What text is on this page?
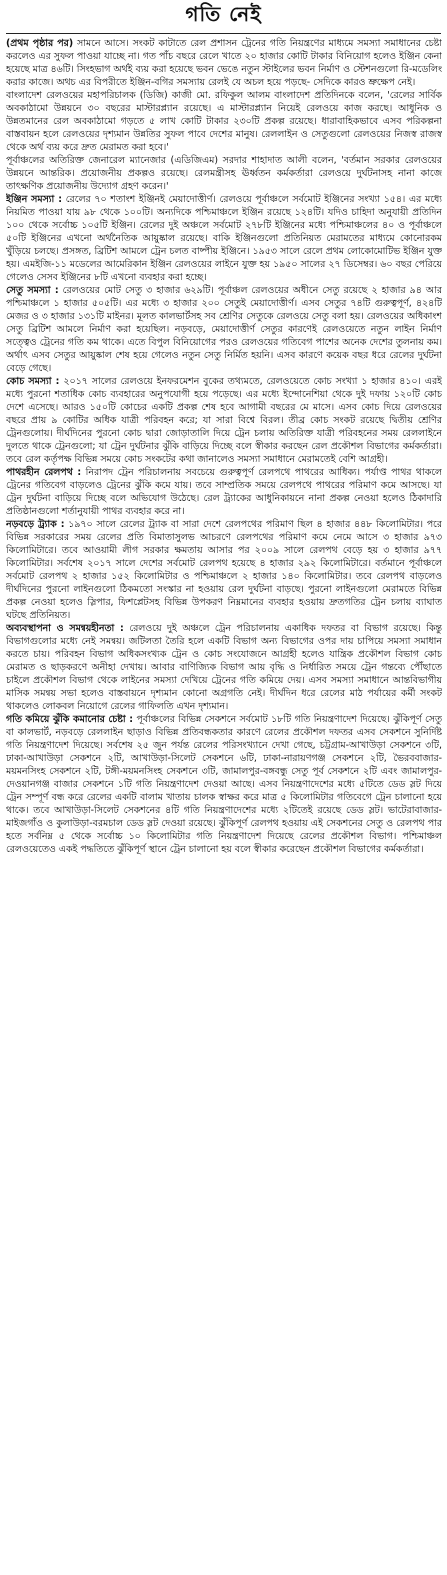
গতি নেই

(প্রথম পৃষ্ঠার পর) সামনে আসে। সংকট কাটাতে রেল প্রশাসন ট্রেনের গতি নিয়ন্ত্রণের মাধ্যমে সমস্যা সমাধানের চেষ্টা করলেও এর সুফল পাওয়া যাচ্ছে না। গত পাঁচ বছরে রেলে খাতে ২০ হাজার কোটি টাকার বিনিয়োগ হলেও ইঞ্জিন কেনা হয়েছে মাত্র ৪৬টি। সিংহভাগ অর্থই ব্যয় করা হয়েছে ভবন ভেঙে নতুন স্টাইলের ভবন নির্মাণ ও স্টেশনগুলো রি-মডেলিং করার কাজে। অথচ এর বিপরীতে ইঞ্জিন-বগির সমস্যায় রেলই যে অচল হয়ে পড়ছে- সেদিকে কারও ভ্রুক্ষেপ নেই।

বাংলাদেশ রেলওয়ের মহাপরিচালক (ডিজি) কাজী মো. রফিকুল আলম বাংলাদেশ প্রতিদিনকে বলেন, 'রেলের সার্বিক অবকাঠামো উন্নয়নে ৩০ বছরের মাস্টারপ্ল্যান রয়েছে। এ মাস্টারপ্ল্যান নিয়েই রেলওয়ে কাজ করছে। আধুনিক ও উন্নতমানের রেল অবকাঠামো গড়তে ৫ লাখ কোটি টাকার ২৩০টি প্রকল্প রয়েছে। ধারাবাহিকভাবে এসব পরিকল্পনা বাস্তবায়ন হলে রেলওয়ের দৃশ্যমান উন্নতির সুফল পাবে দেশের মানুষ। রেললাইন ও সেতুগুলো রেলওয়ের নিজস্ব রাজস্ব থেকে অর্থ ব্যয় করে দ্রুত মেরামত করা হবে।'

পূর্বাঞ্চলের অতিরিক্ত জেনারেল ম্যানেজার (এডিজিএম) সরদার শাহাদাত আলী বলেন, 'বর্তমান সরকার রেলওয়ের উন্নয়নে আন্তরিক। প্রয়োজনীয় প্রকল্পও রয়েছে। রেলমন্ত্রীসহ ঊর্ধ্বতন কর্মকর্তারা রেলওয়ে দুর্ঘটনাসহ নানা কাজে তাৎক্ষণিক প্রয়োজনীয় উদ্যোগ গ্রহণ করেন।'

ইঞ্জিন সমস্যা : রেলের ৭০ শতাংশ ইঞ্জিনই মেয়াদোত্তীর্ণ। রেলওয়ে পূর্বাঞ্চলে সর্বমোট ইঞ্জিনের সংখ্যা ১৫৪। এর মধ্যে নিয়মিত পাওয়া যায় ৯৮ থেকে ১০০টি। অন্যদিকে পশ্চিমাঞ্চলে ইঞ্জিন রয়েছে ১২৪টি। যদিও চাহিদা অনুযায়ী প্রতিদিন ১০০ থেকে সর্বোচ্চ ১০৫টি ইঞ্জিন। রেলের দুই অঞ্চলে সর্বমোট ২৭৮টি ইঞ্জিনের মধ্যে পশ্চিমাঞ্চলের ৪০ ও পূর্বাঞ্চলে ৫০টি ইঞ্জিনের এখনো অর্থনৈতিক আয়ুষ্কাল রয়েছে। বাকি ইঞ্জিনগুলো প্রতিনিয়ত মেরামতের মাধ্যমে কোনোরকম খুঁড়িয়ে চলছে। প্রসঙ্গত, ব্রিটিশ আমলে ট্রেন চলত বাষ্পীয় ইঞ্জিনে। ১৯৫৩ সালে রেলে প্রথম লোকোমোটিভ ইঞ্জিন যুক্ত হয়। এমইজি-১১ মডেলের আমেরিকান ইঞ্জিন রেলওয়ের লাইনে যুক্ত হয় ১৯৫০ সালের ২৭ ডিসেম্বর। ৬০ বছর পেরিয়ে গেলেও সেসব ইঞ্জিনের ৮টি এখনো ব্যবহার করা হচ্ছে।

সেতু সমস্যা : রেলওয়ের মোট সেতু ৩ হাজার ৬২৯টি। পূর্বাঞ্চল রেলওয়ের অধীনে সেতু রয়েছে ২ হাজার ৯৪ আর পশ্চিমাঞ্চলে ১ হাজার ৫০৫টি। এর মধ্যে ৩ হাজার ২০০ সেতুই মেয়াদোত্তীর্ণ। এসব সেতুর ৭৪টি গুরুত্বপূর্ণ, ৪২৪টি মেজর ও ৩ হাজার ১৩১টি মাইনর। মূলত কালভার্টসহ সব শ্রেণির সেতুকে রেলওয়ে সেতু বলা হয়। রেলওয়ের অধিকাংশ সেতু ব্রিটিশ আমলে নির্মাণ করা হয়েছিল। নড়বড়ে, মেয়াদোত্তীর্ণ সেতুর কারণেই রেলওয়েতে নতুন লাইন নির্মাণ সত্ত্বেও ট্রেনের গতি কম থাকে। এতে বিপুল বিনিয়োগের পরও রেলওয়ের গতিবেগ পাশের অনেক দেশের তুলনায় কম। অর্থাৎ এসব সেতুর আয়ুষ্কাল শেষ হয়ে গেলেও নতুন সেতু নির্মিত হয়নি। এসব কারণে কয়েক বছর ধরে রেলের দুর্ঘটনা বেড়ে গেছে।

কোচ সমস্যা : ২০১৭ সালের রেলওয়ে ইনফরমেশন বুকের তথ্যমতে, রেলওয়েতে কোচ সংখ্যা ১ হাজার ৪১০। এরই মধ্যে পুরনো শতাধিক কোচ ব্যবহারের অনুপযোগী হয়ে পড়েছে। এর মধ্যে ইন্দোনেশিয়া থেকে দুই দফায় ১২০টি কোচ দেশে এসেছে। আরও ১৫০টি কোচের একটি প্রকল্প শেষ হবে আগামী বছরের মে মাসে। এসব কোচ দিয়ে রেলওয়ের বছরে প্রায় ৯ কোটির অধিক যাত্রী পরিবহন করে; যা সারা বিশ্বে বিরল। তীব্র কোচ সংকট রয়েছে দ্বিতীয় শ্রেণির ট্রেনগুলোয়। দীর্ঘদিনের পুরনো কোচ দ্বারা জোড়াতালি দিয়ে ট্রেন চলায় অতিরিক্ত যাত্রী পরিবহনের সময় রেললাইনে দুলতে থাকে ট্রেনগুলো; যা ট্রেন দুর্ঘটনার ঝুঁকি বাড়িয়ে দিচ্ছে বলে স্বীকার করছেন রেল প্রকৌশল বিভাগের কর্মকর্তারা। তবে রেল কর্তৃপক্ষ বিভিন্ন সময়ে কোচ সংকটের কথা জানালেও সমস্যা সমাধানে মেরামতেই বেশি আগ্রহী।

পাথরহীন রেলপথ : নিরাপদ ট্রেন পরিচালনায় সবচেয়ে গুরুত্বপূর্ণ রেলপথে পাথরের আধিক্য। পর্যাপ্ত পাথর থাকলে ট্রেনের গতিবেগ বাড়লেও ট্রেনের ঝুঁকি কমে যায়। তবে সাম্প্রতিক সময়ে রেলপথে পাথরের পরিমাণ কমে আসছে। যা ট্রেন দুর্ঘটনা বাড়িয়ে দিচ্ছে বলে অভিযোগ উঠেছে। রেল ট্র্যাকের আধুনিকায়নে নানা প্রকল্প নেওয়া হলেও ঠিকাদারি প্রতিষ্ঠানগুলো শর্তানুযায়ী পাথর ব্যবহার করে না।

নড়বড়ে ট্র্যাক : ১৯৭০ সালে রেলের ট্র্যাক বা সারা দেশে রেলপথের পরিমাণ ছিল ৪ হাজার ৪৪৮ কিলোমিটার। পরে বিভিন্ন সরকারের সময় রেলের প্রতি বিমাতাসুলভ আচরণে রেলপথের পরিমাণ কমে নেমে আসে ৩ হাজার ৯৭৩ কিলোমিটারে। তবে আওয়ামী লীগ সরকার ক্ষমতায় আসার পর ২০০৯ সালে রেলপথ বেড়ে হয় ৩ হাজার ৯৭৭ কিলোমিটার। সর্বশেষ ২০১৭ সালে দেশের সর্বমোট রেলপথ হয়েছে ৪ হাজার ২৯২ কিলোমিটারে। বর্তমানে পূর্বাঞ্চলে সর্বমোট রেলপথ ২ হাজার ১৫২ কিলোমিটার ও পশ্চিমাঞ্চলে ২ হাজার ১৪০ কিলোমিটার। তবে রেলপথ বাড়লেও দীর্ঘদিনের পুরনো লাইনগুলো ঠিকমতো সংস্কার না হওয়ায় রেল দুর্ঘটনা বাড়ছে। পুরনো লাইনগুলো মেরামতে বিভিন্ন প্রকল্প নেওয়া হলেও স্লিপার, ফিশপ্লেটসহ বিভিন্ন উপকরণ নিম্নমানের ব্যবহার হওয়ায় দ্রুতগতির ট্রেন চলায় ব্যাঘাত ঘটছে প্রতিনিয়ত।

অব্যবস্থাপনা ও সমন্বয়হীনতা : রেলওয়ে দুই অঞ্চলে ট্রেন পরিচালনায় একাধিক দফতর বা বিভাগ রয়েছে। কিন্তু বিভাগগুলোর মধ্যে নেই সমন্বয়। জটিলতা তৈরি হলে একটি বিভাগ অন্য বিভাগের ওপর দায় চাপিয়ে সমস্যা সমাধান করতে চায়। পরিবহন বিভাগ অধিকসংখ্যক ট্রেন ও কোচ সংযোজনে আগ্রহী হলেও যান্ত্রিক প্রকৌশল বিভাগ কোচ মেরামত ও ছাড়করণে অনীহা দেখায়। আবার বাণিজ্যিক বিভাগ আয় বৃদ্ধি ও নির্ধারিত সময়ে ট্রেন গন্তব্যে পৌঁছাতে চাইলে প্রকৌশল বিভাগ থেকে লাইনের সমস্যা দেখিয়ে ট্রেনের গতি কমিয়ে দেয়। এসব সমস্যা সমাধানে আন্তবিভাগীয় মাসিক সমন্বয় সভা হলেও বাস্তবায়নে দৃশ্যমান কোনো অগ্রগতি নেই। দীর্ঘদিন ধরে রেলের মাঠ পর্যায়ের কর্মী সংকট থাকলেও লোকবল নিয়োগে রেলের গাফিলতি এখন দৃশ্যমান।

গতি কমিয়ে ঝুঁকি কমানোর চেষ্টা : পূর্বাঞ্চলের বিভিন্ন সেকশনে সর্বমোট ১৮টি গতি নিয়ন্ত্রণাদেশ দিয়েছে। ঝুঁকিপূর্ণ সেতু বা কালভার্ট, নড়বড়ে রেললাইন ছাড়াও বিভিন্ন প্রতিবন্ধকতার কারণে রেলের প্রকৌশল দফতর এসব সেকশনে সুনির্দিষ্ট গতি নিয়ন্ত্রণাদেশ দিয়েছে। সর্বশেষ ২৫ জুন পর্যন্ত রেলের পরিসংখ্যানে দেখা গেছে, চট্টগ্রাম-আখাউড়া সেকশনে ৩টি, ঢাকা-আখাউড়া সেকশনে ২টি, আখাউড়া-সিলেট সেকশনে ৬টি, ঢাকা-নারায়ণগঞ্জ সেকশনে ২টি, ভৈরববাজার-ময়মনসিংহ সেকশনে ২টি, টঙ্গী-ময়মনসিংহ সেকশনে ৩টি, জামালপুর-বঙ্গবন্ধু সেতু পূর্ব সেকশনে ২টি এবং জামালপুর-দেওয়ানগঞ্জ বাজার সেকশনে ১টি গতি নিয়ন্ত্রণাদেশ দেওয়া আছে। এসব নিয়ন্ত্রণাদেশের মধ্যে ৫টিতে ডেড স্লট দিয়ে ট্রেন সম্পূর্ণ বন্ধ করে রেলের একটি বালাম খাতায় চালক স্বাক্ষর করে মাত্র ৫ কিলোমিটার গতিবেগে ট্রেন চালানো হয়ে থাকে। তবে আখাউড়া-সিলেট সেকশনের ৪টি গতি নিয়ন্ত্রণাদেশের মধ্যে ২টিতেই রয়েছে ডেড স্লট। ভাটেরাবাজার-মাইজগাঁও ও কুলাউড়া-বরমচাল ডেড স্লট দেওয়া রয়েছে। ঝুঁকিপূর্ণ রেলপথ হওয়ায় এই সেকশনের সেতু ও রেলপথ পার হতে সর্বনিম্ন ৫ থেকে সর্বোচ্চ ১০ কিলোমিটার গতি নিয়ন্ত্রণাদেশ দিয়েছে রেলের প্রকৌশল বিভাগ। পশ্চিমাঞ্চল রেলওয়েতেও একই পদ্ধতিতে ঝুঁকিপূর্ণ স্থানে ট্রেন চালানো হয় বলে স্বীকার করেছেন প্রকৌশল বিভাগের কর্মকর্তারা।
